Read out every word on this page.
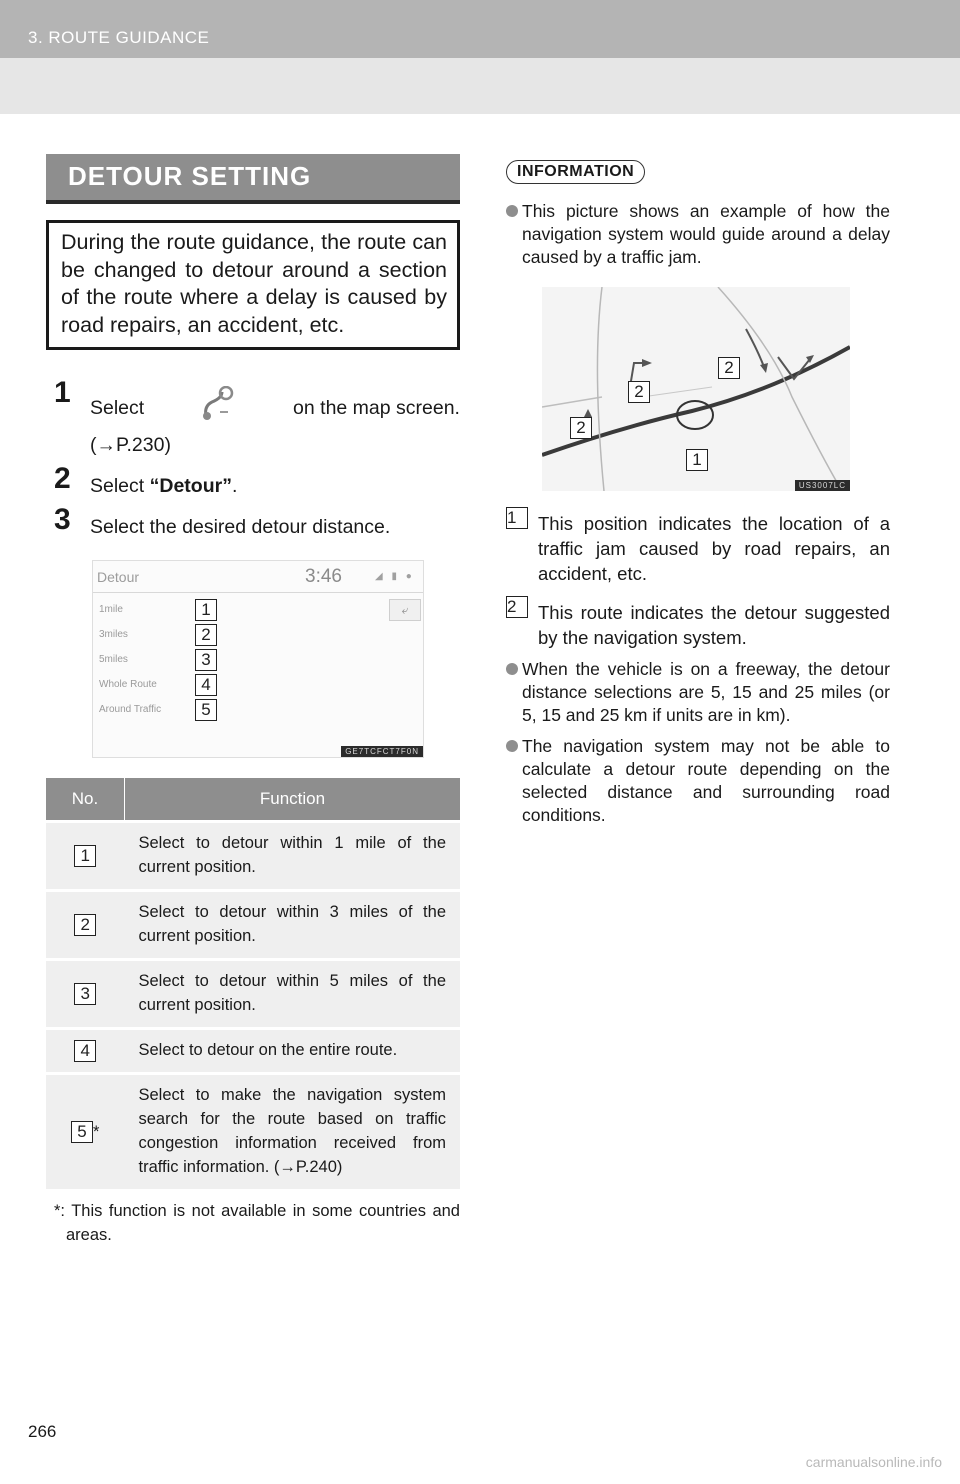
3. ROUTE GUIDANCE
DETOUR SETTING
During the route guidance, the route can be changed to detour around a section of the route where a delay is caused by road repairs, an accident, etc.
1 Select	on the map screen.
(→P.230)
2 Select “Detour”.
3 Select the desired detour distance.
Detour	3:46	◢ ▮ ●
1mile
3miles
5miles
Whole Route
Around Traffic
⤶
1
2
3
4
5
GE7TCFCT7F0N
No.	Function
1	Select to detour within 1 mile of the current position.
2	Select to detour within 3 miles of the current position.
3	Select to detour within 5 miles of the current position.
4	Select to detour on the entire route.
5 *	Select to make the navigation system search for the route based on traffic congestion information received from traffic information. (→P.240)
*: This function is not available in some countries and areas.
INFORMATION
This picture shows an example of how the navigation system would guide around a delay caused by a traffic jam.
2
2
2
1
US3007LC
1	This position indicates the location of a traffic jam caused by road repairs, an accident, etc.
2	This route indicates the detour suggested by the navigation system.
When the vehicle is on a freeway, the detour distance selections are 5, 15 and 25 miles (or 5, 15 and 25 km if units are in km).
The navigation system may not be able to calculate a detour route depending on the selected distance and surrounding road conditions.
266
carmanualsonline.info
